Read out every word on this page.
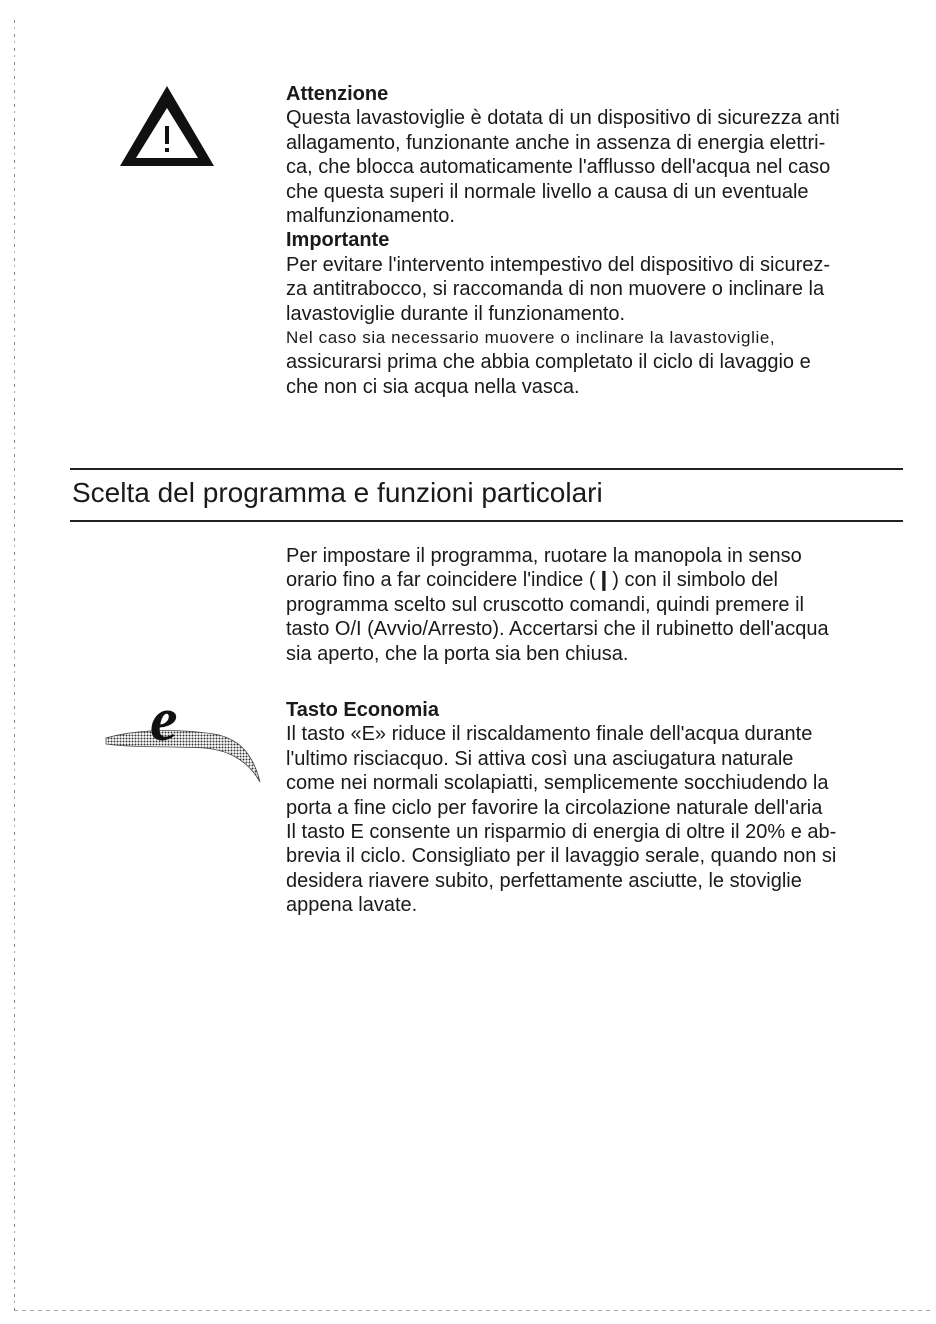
Attenzione

Questa lavastoviglie è dotata di un dispositivo di sicurezza anti

allagamento, funzionante anche in assenza di energia elettri-

ca, che blocca automaticamente l'afflusso dell'acqua nel caso

che questa superi il normale livello a causa di un eventuale

malfunzionamento.

Importante

Per evitare l'intervento intempestivo del dispositivo di sicurez-

za antitrabocco, si raccomanda di non muovere o inclinare la

lavastoviglie durante il funzionamento.

Nel caso sia necessario muovere o inclinare la lavastoviglie,

assicurarsi prima che abbia completato il ciclo di lavaggio e

che non ci sia acqua nella vasca.

Scelta del programma e funzioni particolari

Per impostare il programma, ruotare la manopola in senso

orario fino a far coincidere l'indice (❙) con il simbolo del

programma scelto sul cruscotto comandi, quindi premere il

tasto O/I (Avvio/Arresto). Accertarsi che il rubinetto dell'acqua

sia aperto, che la porta sia ben chiusa.

e	Tasto Economia

Il tasto «E» riduce il riscaldamento finale dell'acqua durante

l'ultimo risciacquo. Si attiva così una asciugatura naturale

come nei normali scolapiatti, semplicemente socchiudendo la

porta a fine ciclo per favorire la circolazione naturale dell'aria

Il tasto E consente un risparmio di energia di oltre il 20% e ab-

brevia il ciclo. Consigliato per il lavaggio serale, quando non si

desidera riavere subito, perfettamente asciutte, le stoviglie

appena lavate.
